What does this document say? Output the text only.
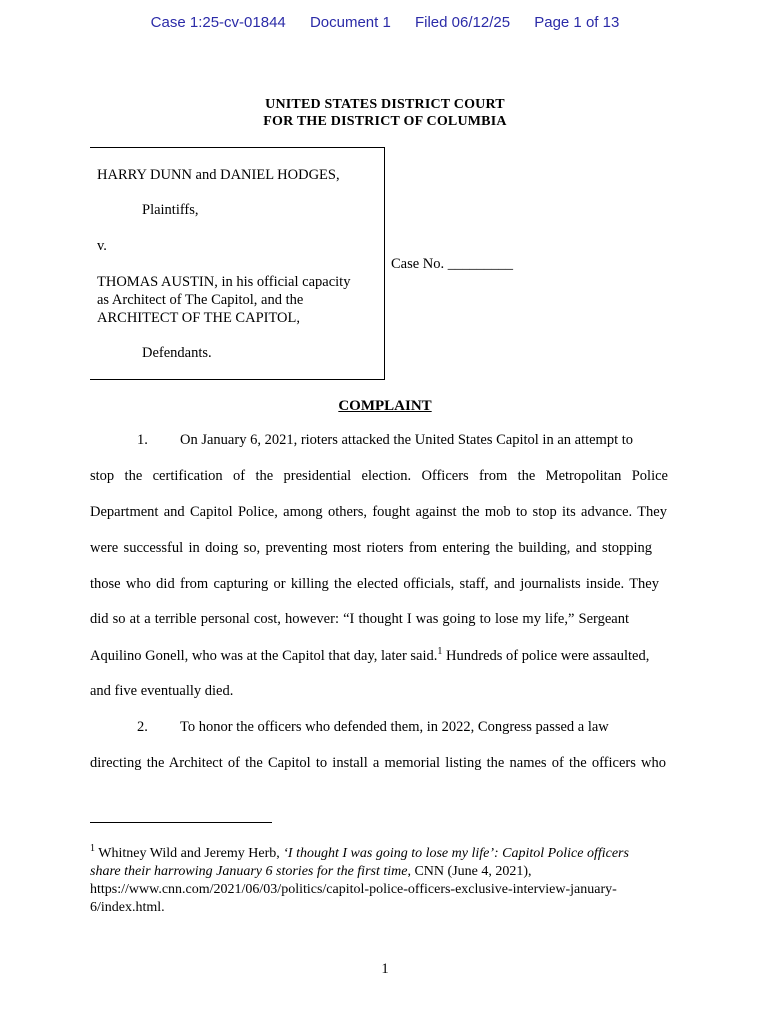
Case 1:25-cv-01844 Document 1 Filed 06/12/25 Page 1 of 13
UNITED STATES DISTRICT COURT
FOR THE DISTRICT OF COLUMBIA
HARRY DUNN and DANIEL HODGES,
Plaintiffs,
v.
THOMAS AUSTIN, in his official capacity
as Architect of The Capitol, and the
ARCHITECT OF THE CAPITOL,
Defendants.
Case No. _________
COMPLAINT
1. On January 6, 2021, rioters attacked the United States Capitol in an attempt to
stop the certification of the presidential election. Officers from the Metropolitan Police
Department and Capitol Police, among others, fought against the mob to stop its advance. They
were successful in doing so, preventing most rioters from entering the building, and stopping
those who did from capturing or killing the elected officials, staff, and journalists inside. They
did so at a terrible personal cost, however: “I thought I was going to lose my life,” Sergeant
Aquilino Gonell, who was at the Capitol that day, later said.$^1$ Hundreds of police were assaulted,
and five eventually died.
2. To honor the officers who defended them, in 2022, Congress passed a law
directing the Architect of the Capitol to install a memorial listing the names of the officers who
$^1$ Whitney Wild and Jeremy Herb, ‘I thought I was going to lose my life’: Capitol Police officers
share their harrowing January 6 stories for the first time, CNN (June 4, 2021),
https://www.cnn.com/2021/06/03/politics/capitol-police-officers-exclusive-interview-january-
6/index.html.
1
